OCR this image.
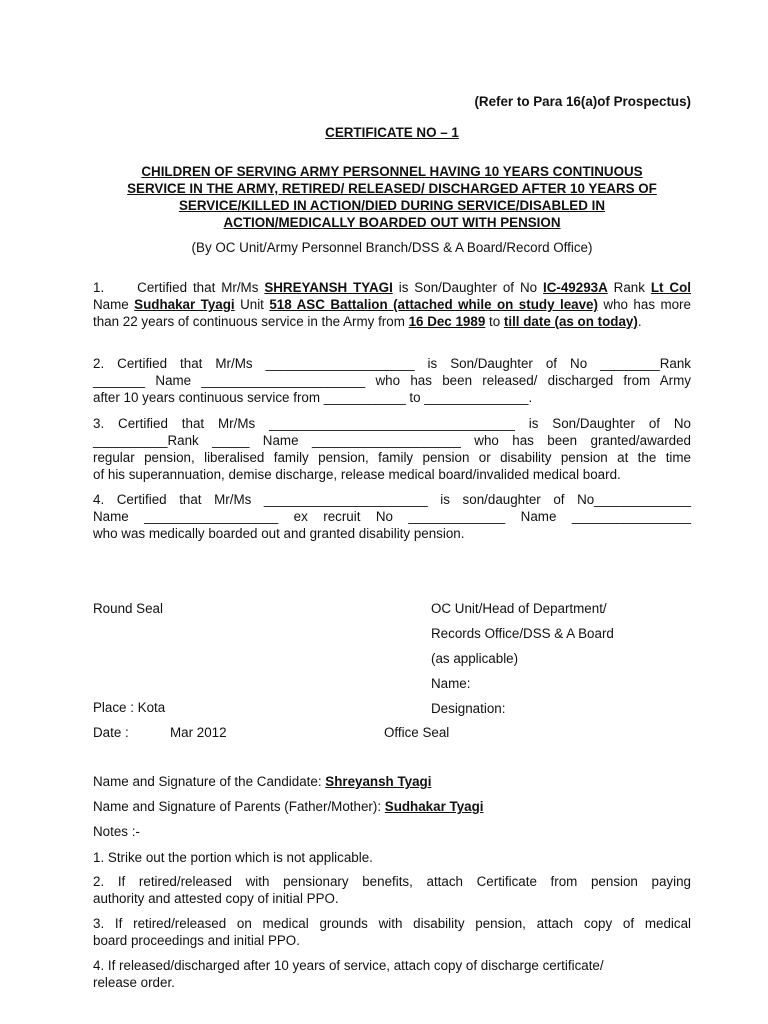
(Refer to Para 16(a)of Prospectus)
CERTIFICATE NO – 1
CHILDREN OF SERVING ARMY PERSONNEL HAVING 10 YEARS CONTINUOUS
SERVICE IN THE ARMY, RETIRED/ RELEASED/ DISCHARGED AFTER 10 YEARS OF
SERVICE/KILLED IN ACTION/DIED DURING SERVICE/DISABLED IN
ACTION/MEDICALLY BOARDED OUT WITH PENSION
(By OC Unit/Army Personnel Branch/DSS & A Board/Record Office)
1. Certified that Mr/Ms SHREYANSH TYAGI is Son/Daughter of No IC-49293A Rank Lt Col Name Sudhakar Tyagi Unit 518 ASC Battalion (attached while on study leave) who has more than 22 years of continuous service in the Army from 16 Dec 1989 to till date (as on today).
2. Certified that Mr/Ms ____________________ is Son/Daughter of No ________Rank
_______ Name ______________________ who has been released/ discharged from Army
after 10 years continuous service from ___________ to ______________.
3. Certified that Mr/Ms _________________________________ is Son/Daughter of No
__________Rank _____ Name ____________________ who has been granted/awarded
regular pension, liberalised family pension, family pension or disability pension at the time
of his superannuation, demise discharge, release medical board/invalided medical board.
4. Certified that Mr/Ms ______________________ is son/daughter of No_____________
Name __________________ ex recruit No _____________ Name ________________
who was medically boarded out and granted disability pension.
Round Seal	OC Unit/Head of Department/
Records Office/DSS & A Board
(as applicable)
Name:
Designation:
Place : Kota
Date :	Mar 2012	Office Seal
Name and Signature of the Candidate: Shreyansh Tyagi
Name and Signature of Parents (Father/Mother): Sudhakar Tyagi
Notes :-
1. Strike out the portion which is not applicable.
2. If retired/released with pensionary benefits, attach Certificate from pension paying
authority and attested copy of initial PPO.
3. If retired/released on medical grounds with disability pension, attach copy of medical
board proceedings and initial PPO.
4. If released/discharged after 10 years of service, attach copy of discharge certificate/
release order.
